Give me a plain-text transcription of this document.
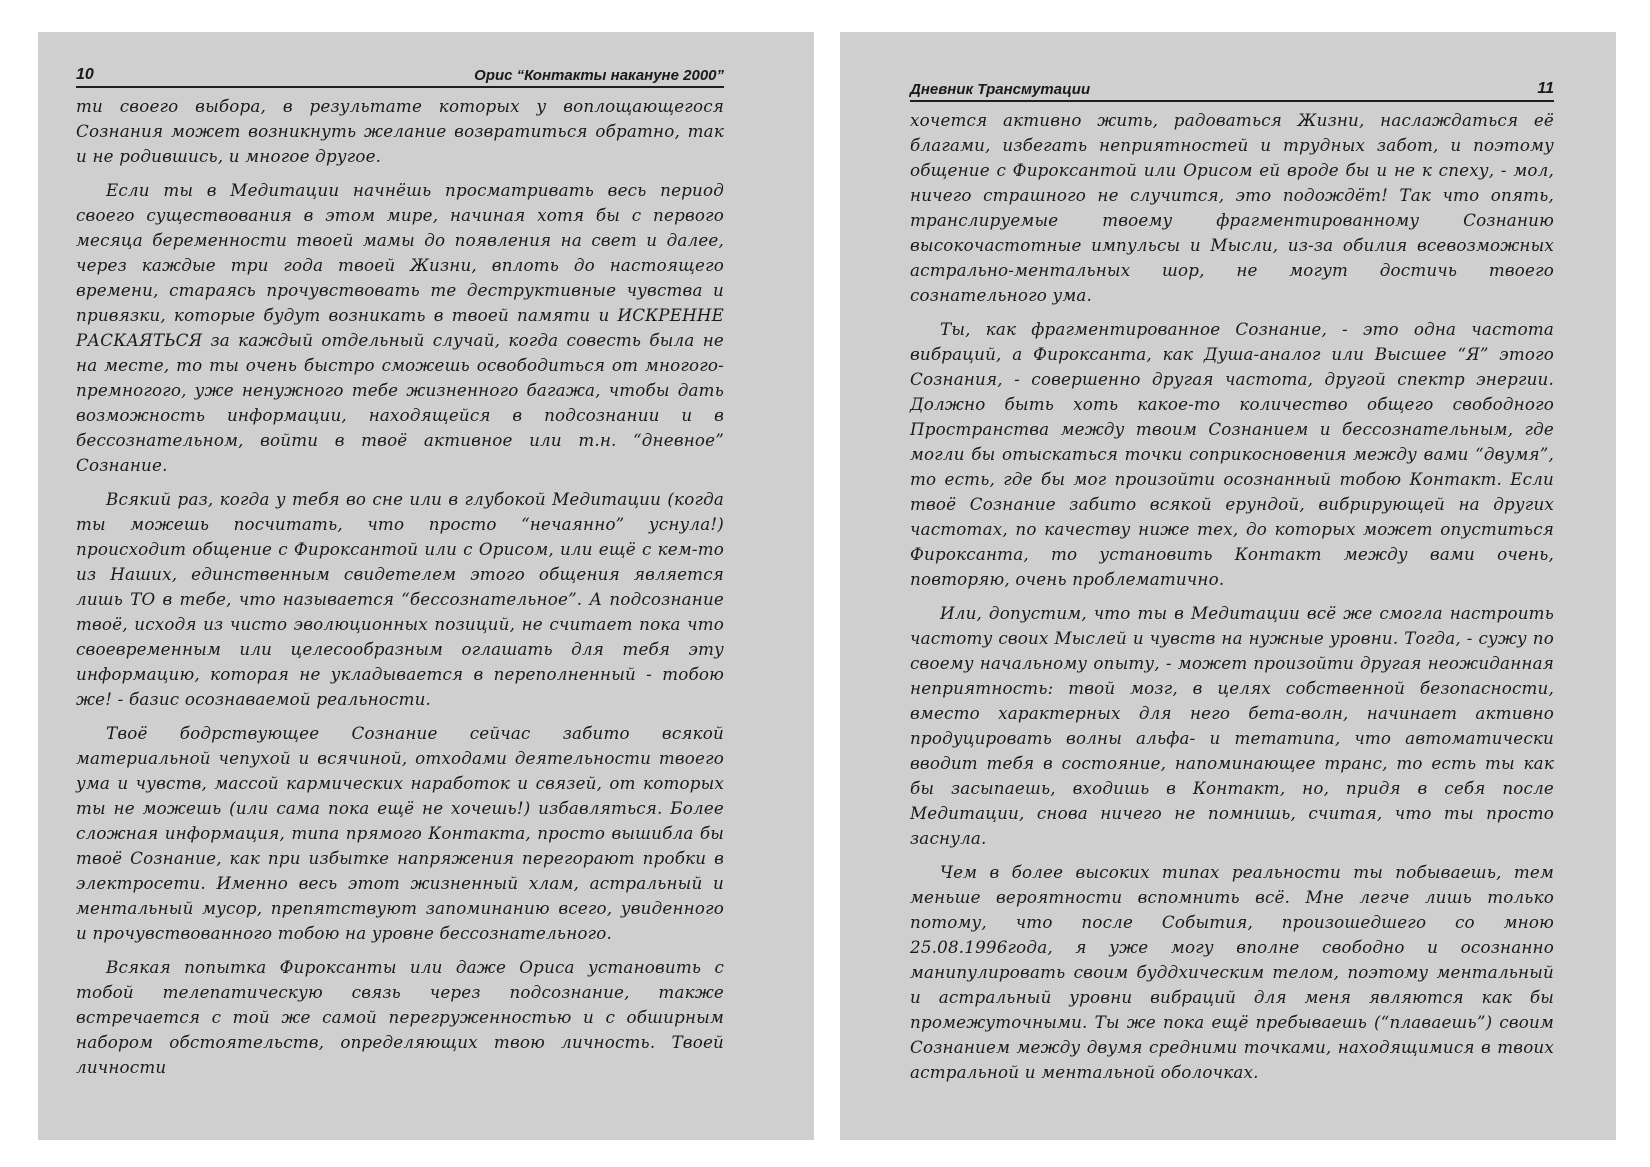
10	Орис “Контакты накануне 2000”

ти своего выбора, в результате которых у воплощающегося Сознания может возникнуть желание возвратиться обратно, так и не родившись, и многое другое.

Если ты в Медитации начнёшь просматривать весь период своего существования в этом мире, начиная хотя бы с первого месяца беременности твоей мамы до появления на свет и далее, через каждые три года твоей Жизни, вплоть до настоящего времени, стараясь прочувствовать те деструктивные чувства и привязки, которые будут возникать в твоей памяти и ИСКРЕННЕ РАСКАЯТЬСЯ за каждый отдельный случай, когда совесть была не на месте, то ты очень быстро сможешь освободиться от многого-премногого, уже ненужного тебе жизненного багажа, чтобы дать возможность информации, находящейся в подсознании и в бессознательном, войти в твоё активное или т.н. “дневное” Сознание.

Всякий раз, когда у тебя во сне или в глубокой Медитации (когда ты можешь посчитать, что просто “нечаянно” уснула!) происходит общение с Фироксантой или с Орисом, или ещё с кем-то из Наших, единственным свидетелем этого общения является лишь ТО в тебе, что называется “бессознательное”. А подсознание твоё, исходя из чисто эволюционных позиций, не считает пока что своевременным или целесообразным оглашать для тебя эту информацию, которая не укладывается в переполненный - тобою же! - базис осознаваемой реальности.

Твоё бодрствующее Сознание сейчас забито всякой материальной чепухой и всячиной, отходами деятельности твоего ума и чувств, массой кармических наработок и связей, от которых ты не можешь (или сама пока ещё не хочешь!) избавляться. Более сложная информация, типа прямого Контакта, просто вышибла бы твоё Сознание, как при избытке напряжения перегорают пробки в электросети. Именно весь этот жизненный хлам, астральный и ментальный мусор, препятствуют запоминанию всего, увиденного и прочувствованного тобою на уровне бессознательного.

Всякая попытка Фироксанты или даже Ориса установить с тобой телепатическую связь через подсознание, также встречается с той же самой перегруженностью и с обширным набором обстоятельств, определяющих твою личность. Твоей личности

Дневник Трансмутации	11

хочется активно жить, радоваться Жизни, наслаждаться её благами, избегать неприятностей и трудных забот, и поэтому общение с Фироксантой или Орисом ей вроде бы и не к спеху, - мол, ничего страшного не случится, это подождёт! Так что опять, транслируемые твоему фрагментированному Сознанию высокочастотные импульсы и Мысли, из-за обилия всевозможных астрально-ментальных шор, не могут достичь твоего сознательного ума.

Ты, как фрагментированное Сознание, - это одна частота вибраций, а Фироксанта, как Душа-аналог или Высшее “Я” этого Сознания, - совершенно другая частота, другой спектр энергии. Должно быть хоть какое-то количество общего свободного Пространства между твоим Сознанием и бессознательным, где могли бы отыскаться точки соприкосновения между вами “двумя”, то есть, где бы мог произойти осознанный тобою Контакт. Если твоё Сознание забито всякой ерундой, вибрирующей на других частотах, по качеству ниже тех, до которых может опуститься Фироксанта, то установить Контакт между вами очень, повторяю, очень проблематично.

Или, допустим, что ты в Медитации всё же смогла настроить частоту своих Мыслей и чувств на нужные уровни. Тогда, - сужу по своему начальному опыту, - может произойти другая неожиданная неприятность: твой мозг, в целях собственной безопасности, вместо характерных для него бета-волн, начинает активно продуцировать волны альфа- и тетатипа, что автоматически вводит тебя в состояние, напоминающее транс, то есть ты как бы засыпаешь, входишь в Контакт, но, придя в себя после Медитации, снова ничего не помнишь, считая, что ты просто заснула.

Чем в более высоких типах реальности ты побываешь, тем меньше вероятности вспомнить всё. Мне легче лишь только потому, что после События, произошедшего со мною 25.08.1996года, я уже могу вполне свободно и осознанно манипулировать своим буддхическим телом, поэтому ментальный и астральный уровни вибраций для меня являются как бы промежуточными. Ты же пока ещё пребываешь (“плаваешь”) своим Сознанием между двумя средними точками, находящимися в твоих астральной и ментальной оболочках.
